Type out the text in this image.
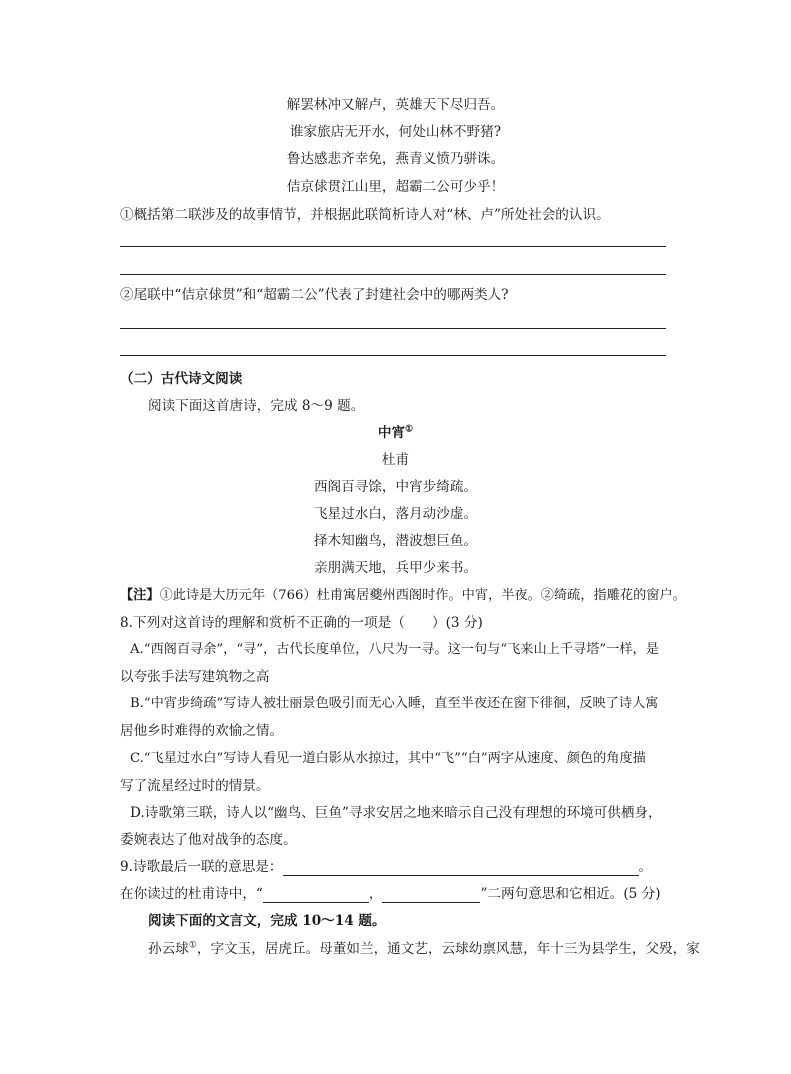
解罢林冲又解卢，英雄天下尽归吾。
谁家旅店无开水，何处山林不野猪?
鲁达感悲齐幸免，燕青义愤乃骈诛。
佶京俅贯江山里，超霸二公可少乎！
①概括第二联涉及的故事情节，并根据此联简析诗人对“林、卢”所处社会的认识。
②尾联中“佶京俅贯”和“超霸二公”代表了封建社会中的哪两类人?
（二）古代诗文阅读
阅读下面这首唐诗，完成 8～9 题。
中宵①
杜甫
西阁百寻馀，中宵步绮疏。
飞星过水白，落月动沙虚。
择木知幽鸟，潜波想巨鱼。
亲朋满天地，兵甲少来书。
【注】①此诗是大历元年（766）杜甫寓居夔州西阁时作。中宵，半夜。②绮疏，指雕花的窗户。
8.下列对这首诗的理解和赏析不正确的一项是（　　）(3 分)
A.“西阁百寻余”，“寻”，古代长度单位，八尺为一寻。这一句与“飞来山上千寻塔”一样，是
以夸张手法写建筑物之高
B.“中宵步绮疏”写诗人被壮丽景色吸引而无心入睡，直至半夜还在窗下徘徊，反映了诗人寓
居他乡时难得的欢愉之情。
C.“飞星过水白”写诗人看见一道白影从水掠过，其中“飞”“白”两字从速度、颜色的角度描
写了流星经过时的情景。
D.诗歌第三联，诗人以“幽鸟、巨鱼”寻求安居之地来暗示自己没有理想的环境可供栖身，
委婉表达了他对战争的态度。
9.诗歌最后一联的意思是：	。
在你读过的杜甫诗中，“	，	”二两句意思和它相近。(5 分)
阅读下面的文言文，完成 10～14 题。
孙云球①，字文玉，居虎丘。母董如兰，通文艺，云球幼禀风慧，年十三为县学生，父殁，家
